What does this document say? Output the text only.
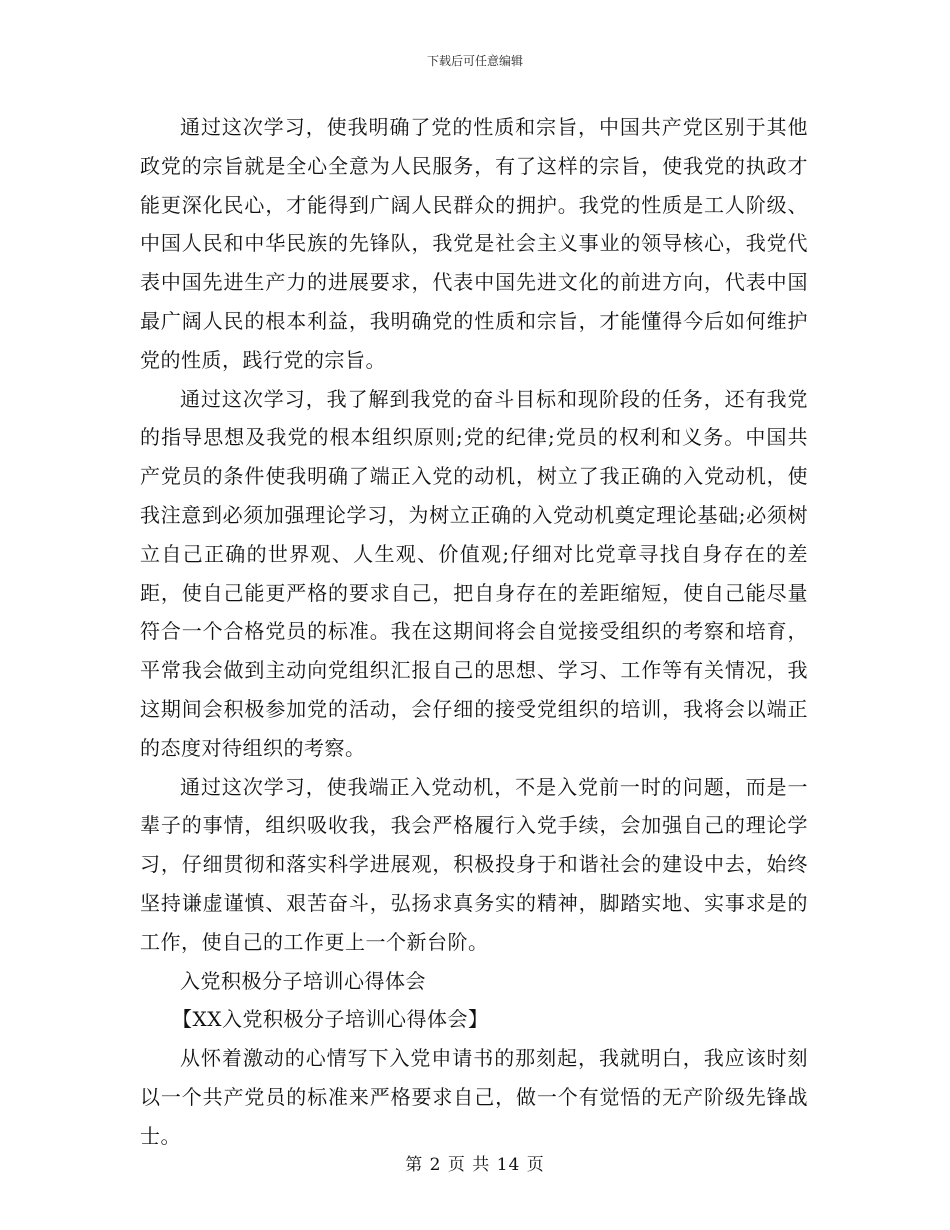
下载后可任意编辑

通过这次学习，使我明确了党的性质和宗旨，中国共产党区别于其他政党的宗旨就是全心全意为人民服务，有了这样的宗旨，使我党的执政才能更深化民心，才能得到广阔人民群众的拥护。我党的性质是工人阶级、中国人民和中华民族的先锋队，我党是社会主义事业的领导核心，我党代表中国先进生产力的进展要求，代表中国先进文化的前进方向，代表中国最广阔人民的根本利益，我明确党的性质和宗旨，才能懂得今后如何维护党的性质，践行党的宗旨。

通过这次学习，我了解到我党的奋斗目标和现阶段的任务，还有我党的指导思想及我党的根本组织原则;党的纪律;党员的权利和义务。中国共产党员的条件使我明确了端正入党的动机，树立了我正确的入党动机，使我注意到必须加强理论学习，为树立正确的入党动机奠定理论基础;必须树立自己正确的世界观、人生观、价值观;仔细对比党章寻找自身存在的差距，使自己能更严格的要求自己，把自身存在的差距缩短，使自己能尽量符合一个合格党员的标准。我在这期间将会自觉接受组织的考察和培育，平常我会做到主动向党组织汇报自己的思想、学习、工作等有关情况，我这期间会积极参加党的活动，会仔细的接受党组织的培训，我将会以端正的态度对待组织的考察。

通过这次学习，使我端正入党动机，不是入党前一时的问题，而是一辈子的事情，组织吸收我，我会严格履行入党手续，会加强自己的理论学习，仔细贯彻和落实科学进展观，积极投身于和谐社会的建设中去，始终坚持谦虚谨慎、艰苦奋斗，弘扬求真务实的精神，脚踏实地、实事求是的工作，使自己的工作更上一个新台阶。

入党积极分子培训心得体会

【XX入党积极分子培训心得体会】

从怀着激动的心情写下入党申请书的那刻起，我就明白，我应该时刻以一个共产党员的标准来严格要求自己，做一个有觉悟的无产阶级先锋战士。

第 2 页 共 14 页
